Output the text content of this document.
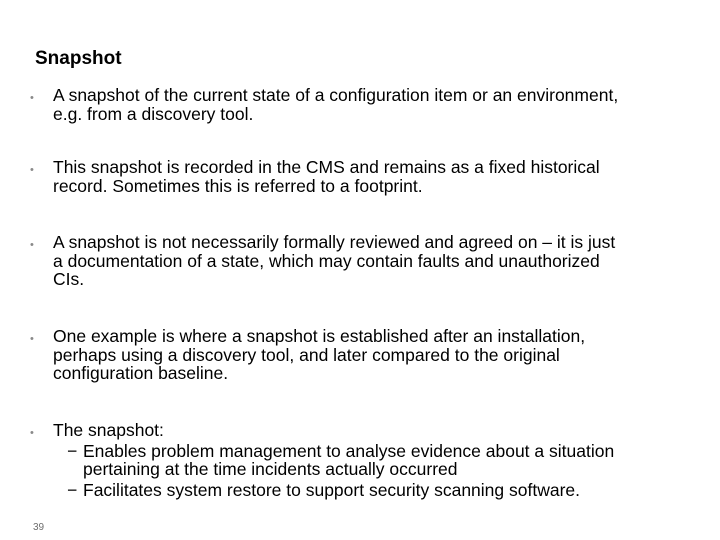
Snapshot
• A snapshot of the current state of a configuration item or an environment,
e.g. from a discovery tool.
• This snapshot is recorded in the CMS and remains as a fixed historical
record. Sometimes this is referred to a footprint.
• A snapshot is not necessarily formally reviewed and agreed on – it is just
a documentation of a state, which may contain faults and unauthorized
CIs.
• One example is where a snapshot is established after an installation,
perhaps using a discovery tool, and later compared to the original
configuration baseline.
• The snapshot:
− Enables problem management to analyse evidence about a situation
pertaining at the time incidents actually occurred
− Facilitates system restore to support security scanning software.
39
